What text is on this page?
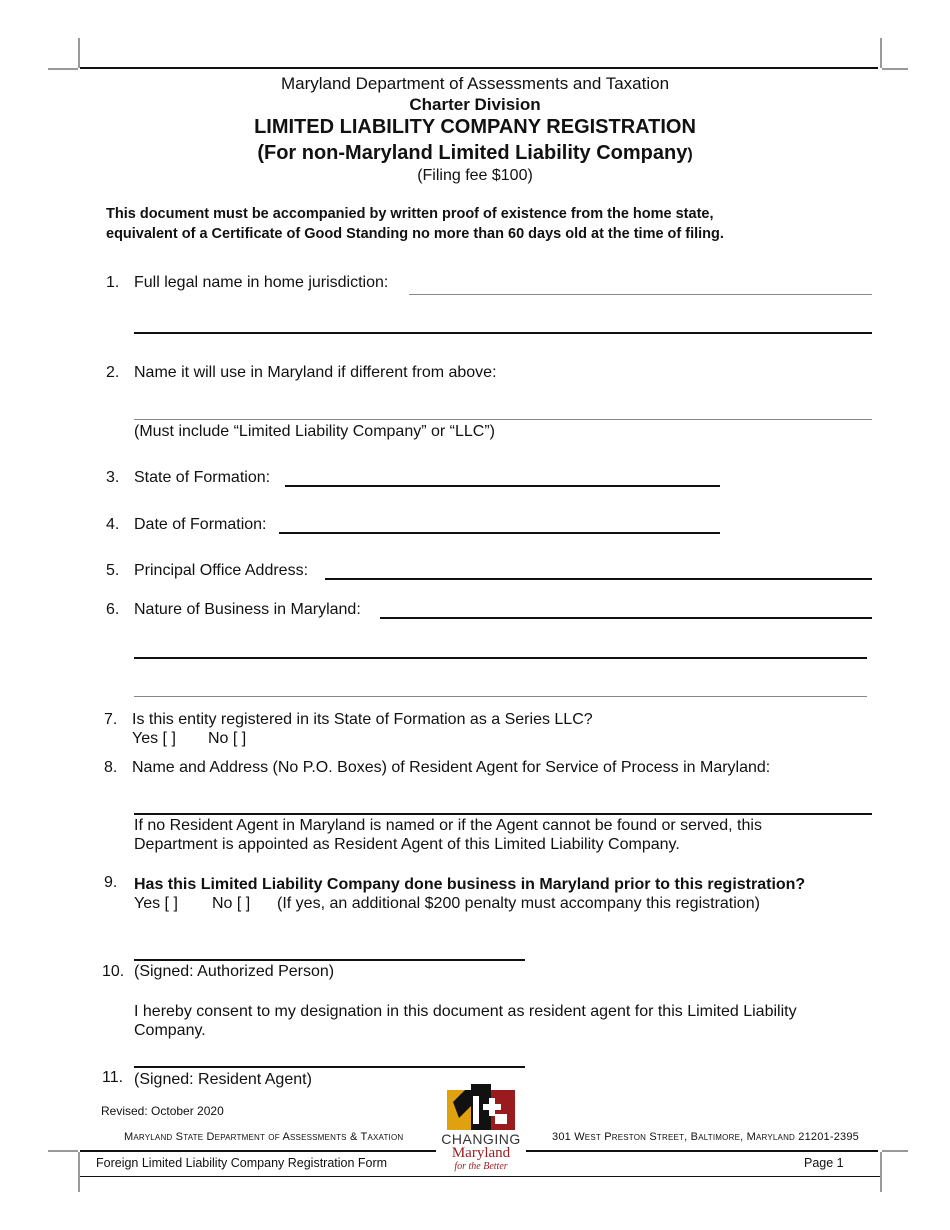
Maryland Department of Assessments and Taxation
Charter Division
LIMITED LIABILITY COMPANY REGISTRATION
(For non-Maryland Limited Liability Company)
(Filing fee $100)
This document must be accompanied by written proof of existence from the home state,
equivalent of a Certificate of Good Standing no more than 60 days old at the time of filing.
1. Full legal name in home jurisdiction:
2. Name it will use in Maryland if different from above:
(Must include “Limited Liability Company” or “LLC”)
3. State of Formation:
4. Date of Formation:
5. Principal Office Address:
6. Nature of Business in Maryland:
7. Is this entity registered in its State of Formation as a Series LLC?
Yes [ ] No [ ]
8. Name and Address (No P.O. Boxes) of Resident Agent for Service of Process in Maryland:
If no Resident Agent in Maryland is named or if the Agent cannot be found or served, this
Department is appointed as Resident Agent of this Limited Liability Company.
9. Has this Limited Liability Company done business in Maryland prior to this registration?
Yes [ ] No [ ] (If yes, an additional $200 penalty must accompany this registration)
10. (Signed: Authorized Person)
I hereby consent to my designation in this document as resident agent for this Limited Liability
Company.
11. (Signed: Resident Agent)
Revised: October 2020
Maryland State Department of Assessments & Taxation	301 West Preston Street, Baltimore, Maryland 21201-2395
Foreign Limited Liability Company Registration Form	Page 1
CHANGING
Maryland
for the Better
